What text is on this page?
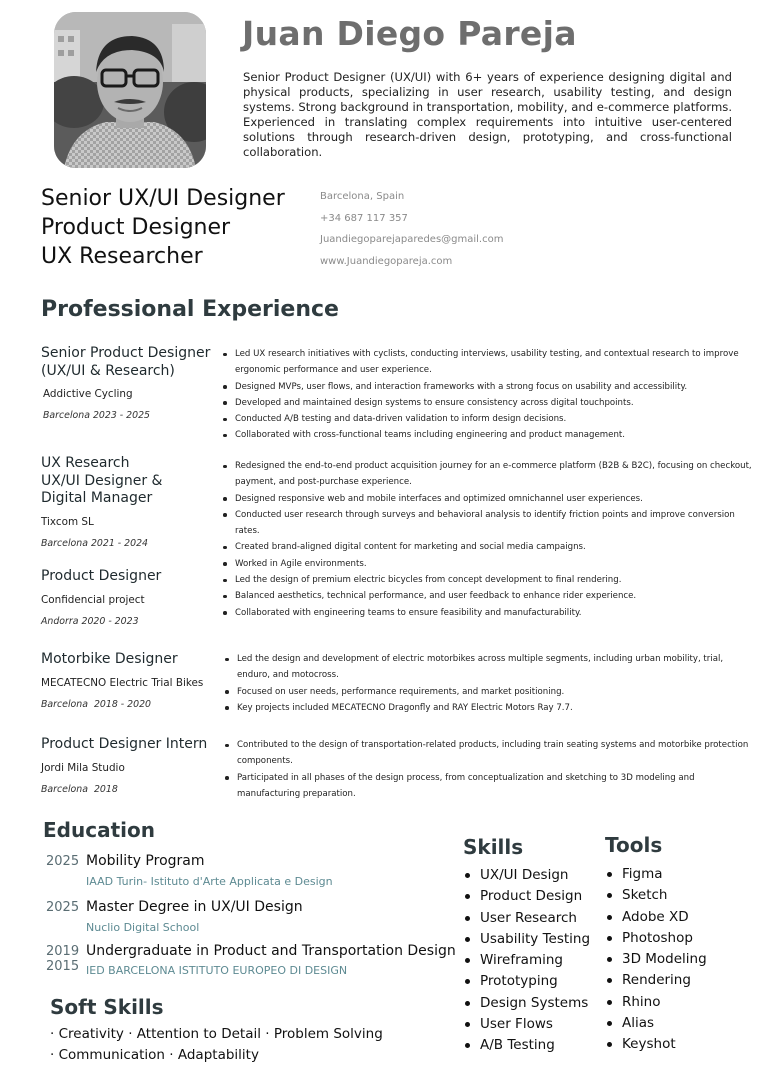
Juan Diego Pareja
Senior Product Designer (UX/UI) with 6+ years of experience designing digital and physical products, specializing in user research, usability testing, and design systems. Strong background in transportation, mobility, and e-commerce platforms. Experienced in translating complex requirements into intuitive user-centered solutions through research-driven design, prototyping, and cross-functional collaboration.
Senior UX/UI Designer
Product Designer
UX Researcher
Barcelona, Spain
+34 687 117 357
Juandiegoparejaparedes@gmail.com
www.Juandiegopareja.com
Professional Experience
Senior Product Designer (UX/UI & Research)
Addictive Cycling
Barcelona 2023 - 2025
Led UX research initiatives with cyclists, conducting interviews, usability testing, and contextual research to improve ergonomic performance and user experience.
Designed MVPs, user flows, and interaction frameworks with a strong focus on usability and accessibility.
Developed and maintained design systems to ensure consistency across digital touchpoints.
Conducted A/B testing and data-driven validation to inform design decisions.
Collaborated with cross-functional teams including engineering and product management.
UX Research UX/UI Designer & Digital Manager
Tixcom SL
Barcelona 2021 - 2024
Redesigned the end-to-end product acquisition journey for an e-commerce platform (B2B & B2C), focusing on checkout, payment, and post-purchase experience.
Designed responsive web and mobile interfaces and optimized omnichannel user experiences.
Conducted user research through surveys and behavioral analysis to identify friction points and improve conversion rates.
Created brand-aligned digital content for marketing and social media campaigns.
Worked in Agile environments.
Product Designer
Confidencial project
Andorra 2020 - 2023
Led the design of premium electric bicycles from concept development to final rendering.
Balanced aesthetics, technical performance, and user feedback to enhance rider experience.
Collaborated with engineering teams to ensure feasibility and manufacturability.
Motorbike Designer
MECATECNO Electric Trial Bikes
Barcelona  2018 - 2020
Led the design and development of electric motorbikes across multiple segments, including urban mobility, trial, enduro, and motocross.
Focused on user needs, performance requirements, and market positioning.
Key projects included MECATECNO Dragonfly and RAY Electric Motors Ray 7.7.
Product Designer Intern
Jordi Mila Studio
Barcelona  2018
Contributed to the design of transportation-related products, including train seating systems and motorbike protection components.
Participated in all phases of the design process, from conceptualization and sketching to 3D modeling and manufacturing preparation.
Education
2025 Mobility Program
IAAD Turin- Istituto d'Arte Applicata e Design
2025 Master Degree in UX/UI Design
Nuclio Digital School
2019
2015
Undergraduate in Product and Transportation Design
IED BARCELONA ISTITUTO EUROPEO DI DESIGN
Soft Skills
· Creativity · Attention to Detail · Problem Solving
· Communication · Adaptability
Skills
UX/UI Design
Product Design
User Research
Usability Testing
Wireframing
Prototyping
Design Systems
User Flows
A/B Testing
Tools
Figma
Sketch
Adobe XD
Photoshop
3D Modeling
Rendering
Rhino
Alias
Keyshot
